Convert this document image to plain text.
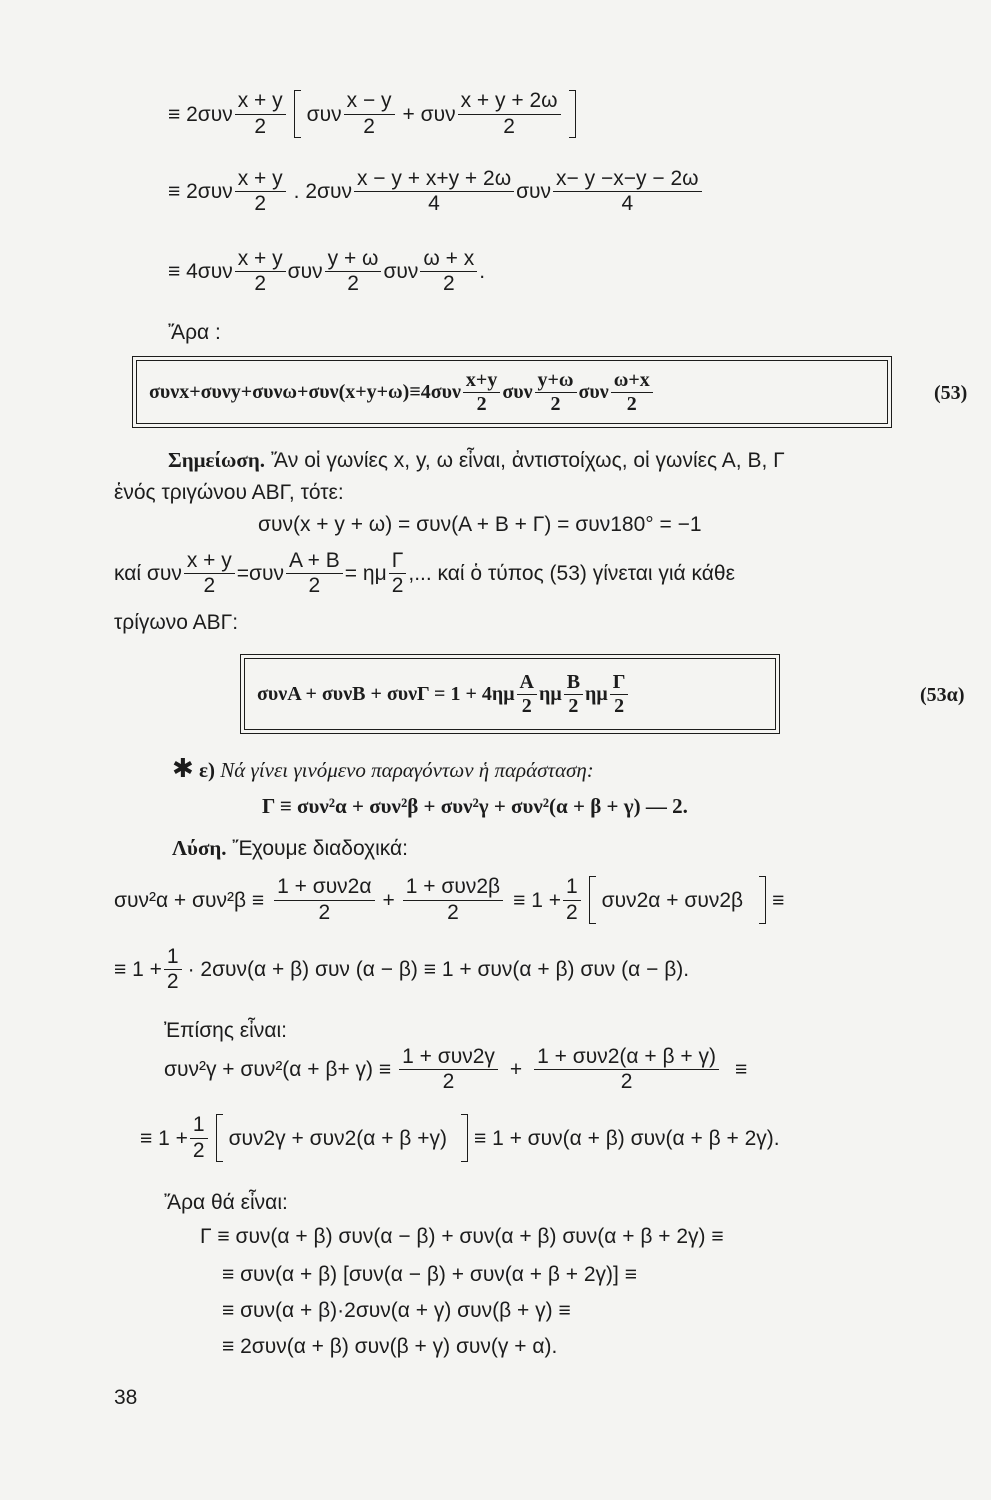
≡ 2συν
x + y
2
συν
x − y
2
+ συν
x + y + 2ω
2
≡ 2συν
x + y
2
. 2συν
x − y + x+y + 2ω
4
συν
x− y −x−y − 2ω
4
≡ 4συν
x + y
2
συν
y + ω
2
συν
ω + x
2
.
Ἄρα :
συνx+συνy+συνω+συν(x+y+ω)≡4συν
x+y
2
συν
y+ω
2
συν
ω+x
2	(53)
Σημείωση. Ἄν οἱ γωνίες x, y, ω εἶναι, ἀντιστοίχως, οἱ γωνίες Α, Β, Γ
ἑνός τριγώνου ΑΒΓ, τότε:
συν(x + y + ω) = συν(Α + Β + Γ) = συν180° = −1
καί συν $\frac{x + y}{2} =\sigma\upsilon\nu \frac{A + B}{2} = \eta\mu$
Γ
2
,... καί ὁ τύπος (53) γίνεται γιά κάθε
τρίγωνο ΑΒΓ:
συνΑ + συνΒ + συνΓ = 1 + 4ημ
Α
2
ημ
Β
2
ημ
Γ
2	(53α)
✱ ε) Νά γίνει γινόμενο παραγόντων ἡ παράσταση:
Γ ≡ συν²α + συν²β + συν²γ + συν²(α + β + γ) — 2.
Λύση. Ἔχουμε διαδοχικά:
συν²α + συν²β ≡
1 + συν2α
2
+
1 + συν2β
2
≡ $1 + \frac{1}{2} \sigma\upsilon\nu 2\alpha + \sigma\upsilon\nu 2\beta$ ≡
≡ $1 + \frac{1}{2} \cdot 2\sigma\upsilon\nu(\alpha + \beta)$ συν (α − β) ≡ 1 + συν(α + β) συν (α − β).
Ἐπίσης εἶναι:
συν²γ + συν²(α + β+ γ) ≡
1 + συν2γ
2
+
1 + συν2(α + β + γ)
2
≡
≡ $1 + \frac{1}{2} \sigma\upsilon\nu 2\gamma + \sigma\upsilon\nu 2(\alpha + \beta +\gamma) \equiv 1 + \sigma\upsilon\nu(\alpha + \beta) \sigma\upsilon\nu(\alpha + \beta + 2\gamma)$.
Ἄρα θά εἶναι:
Γ ≡ συν(α + β) συν(α − β) + συν(α + β) συν(α + β + 2γ) ≡
≡ συν(α + β) [συν(α − β) + συν(α + β + 2γ)] ≡
≡ συν(α + β)·2συν(α + γ) συν(β + γ) ≡
≡ 2συν(α + β) συν(β + γ) συν(γ + α).
38
